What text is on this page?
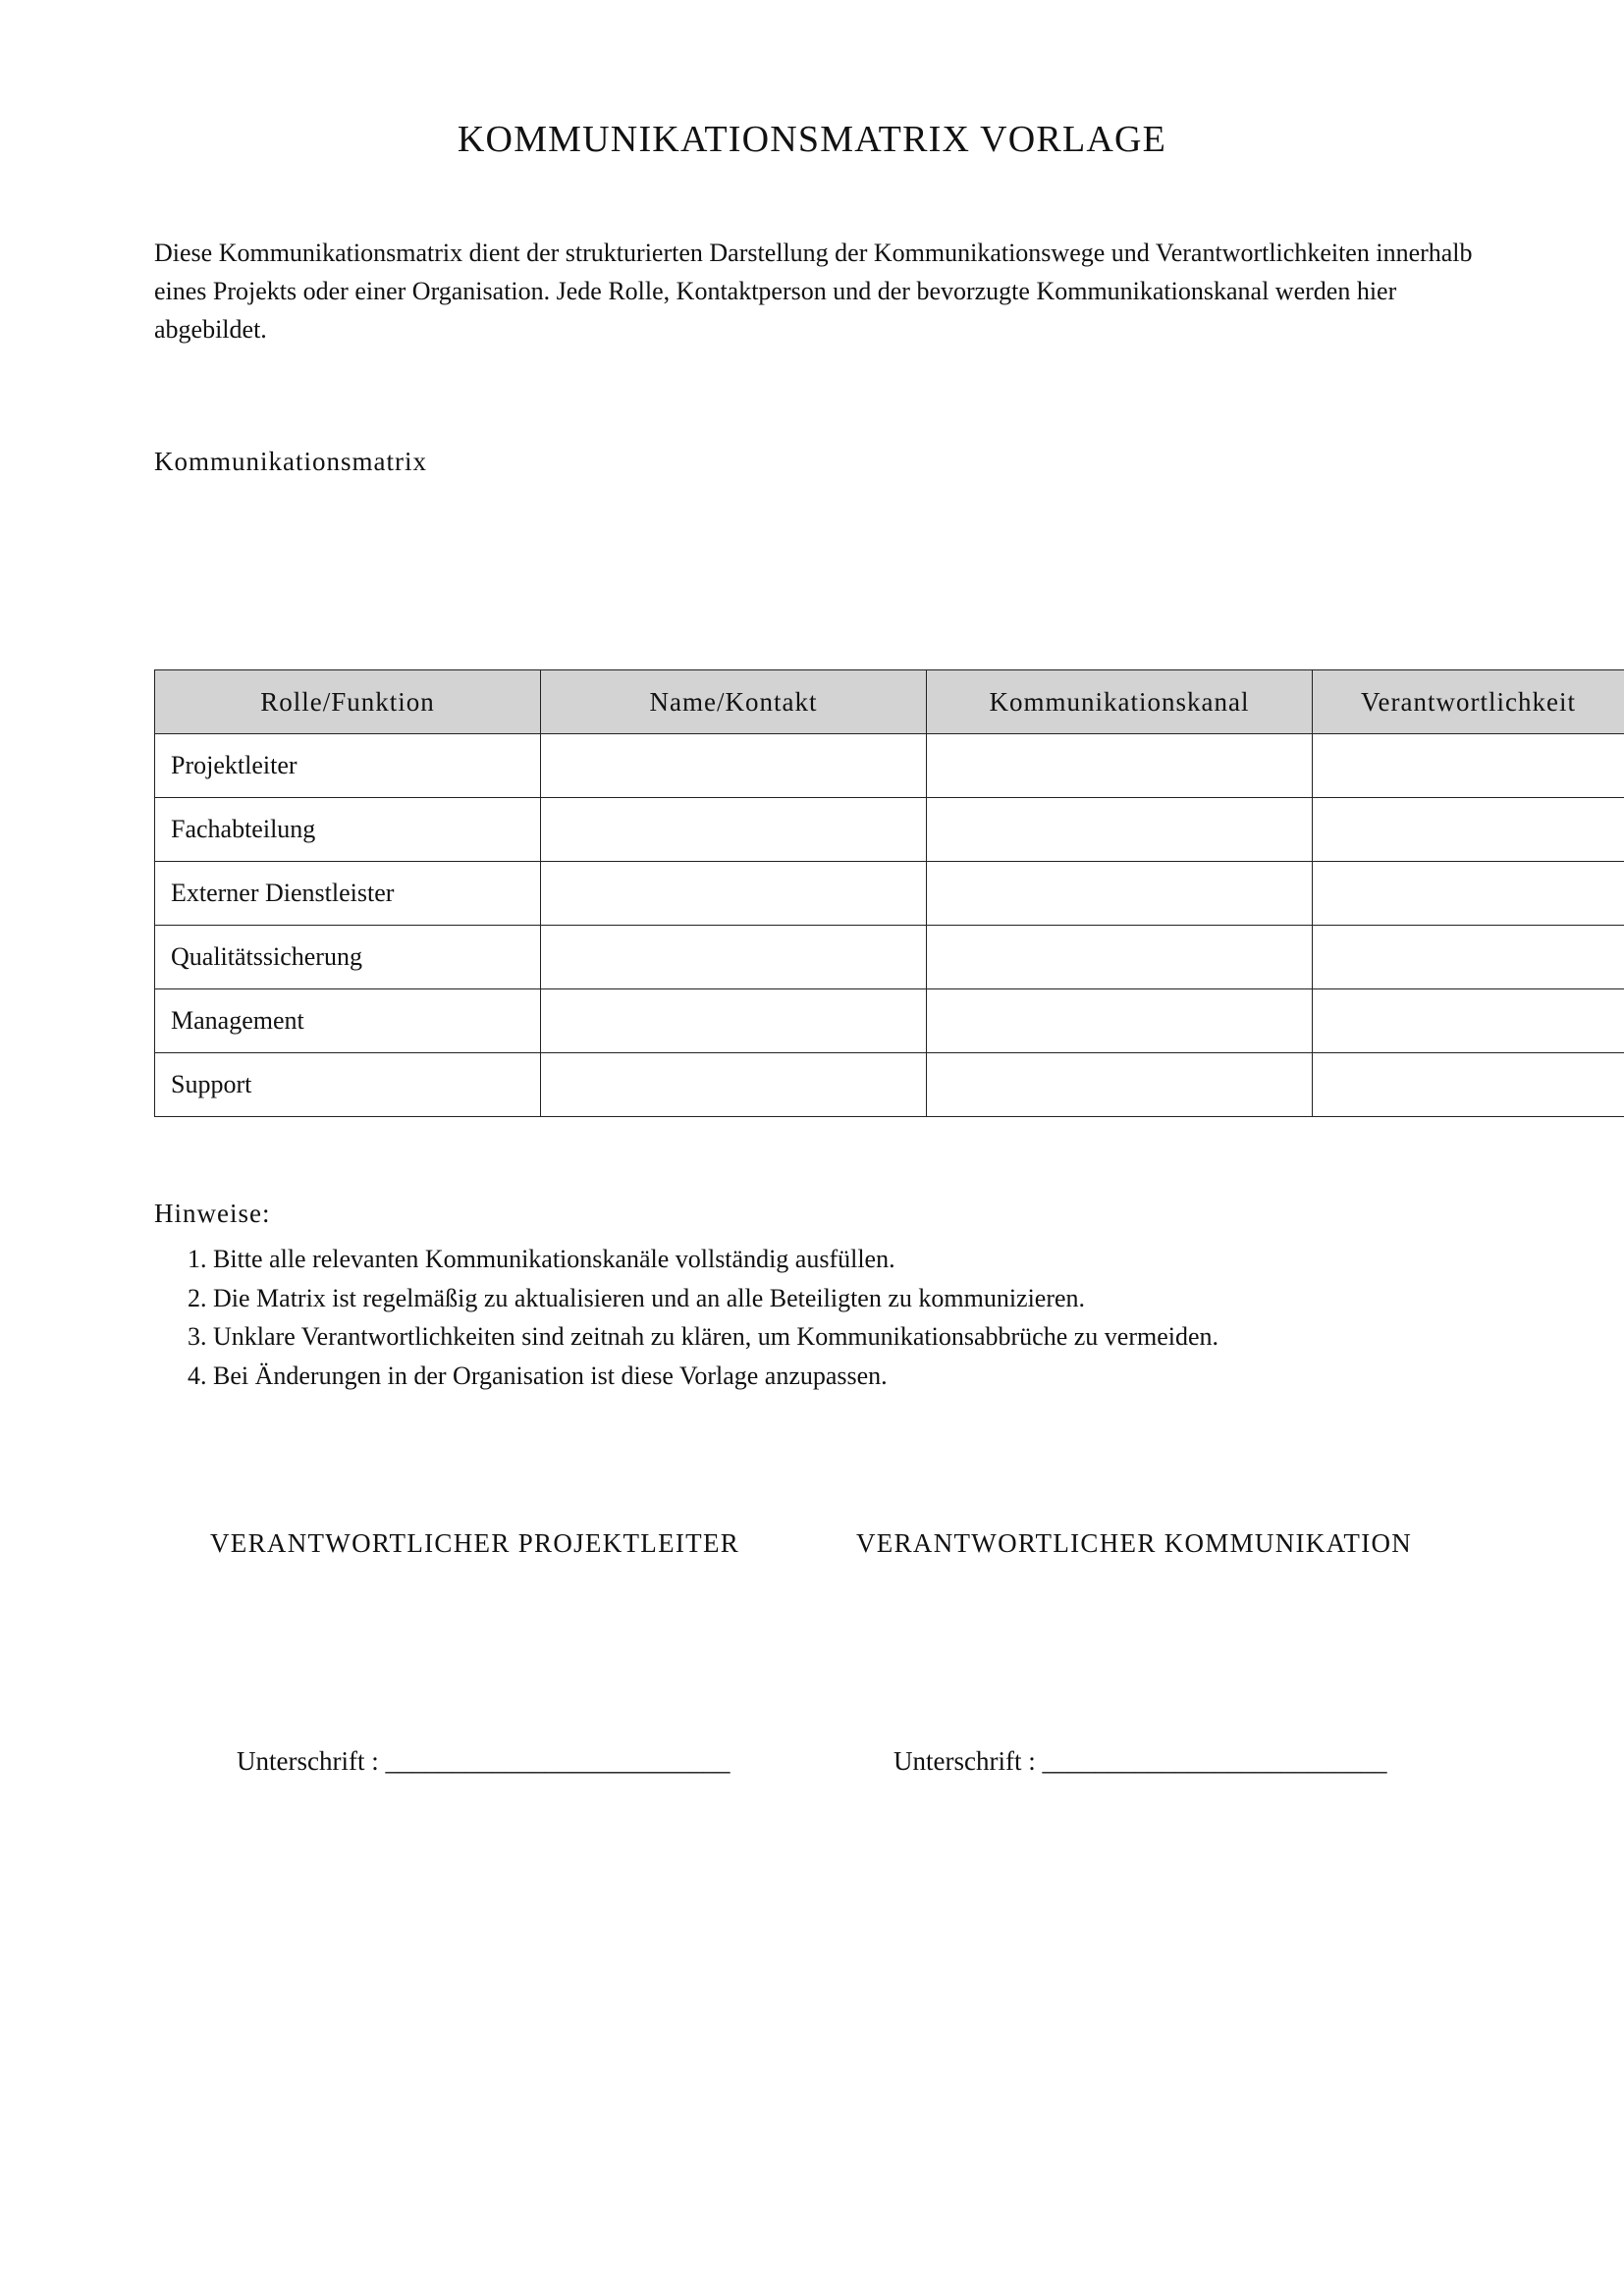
KOMMUNIKATIONSMATRIX VORLAGE
Diese Kommunikationsmatrix dient der strukturierten Darstellung der Kommunikationswege und Verantwortlichkeiten innerhalb eines Projekts oder einer Organisation. Jede Rolle, Kontaktperson und der bevorzugte Kommunikationskanal werden hier abgebildet.
Kommunikationsmatrix
Rolle/Funktion	Name/Kontakt	Kommunikationskanal	Verantwortlichkeit
Projektleiter			
Fachabteilung			
Externer Dienstleister			
Qualitätssicherung			
Management			
Support			
Hinweise:
1. Bitte alle relevanten Kommunikationskanäle vollständig ausfüllen.
2. Die Matrix ist regelmäßig zu aktualisieren und an alle Beteiligten zu kommunizieren.
3. Unklare Verantwortlichkeiten sind zeitnah zu klären, um Kommunikationsabbrüche zu vermeiden.
4. Bei Änderungen in der Organisation ist diese Vorlage anzupassen.
VERANTWORTLICHER PROJEKTLEITER	VERANTWORTLICHER KOMMUNIKATION
Unterschrift : __________________________	Unterschrift : __________________________
